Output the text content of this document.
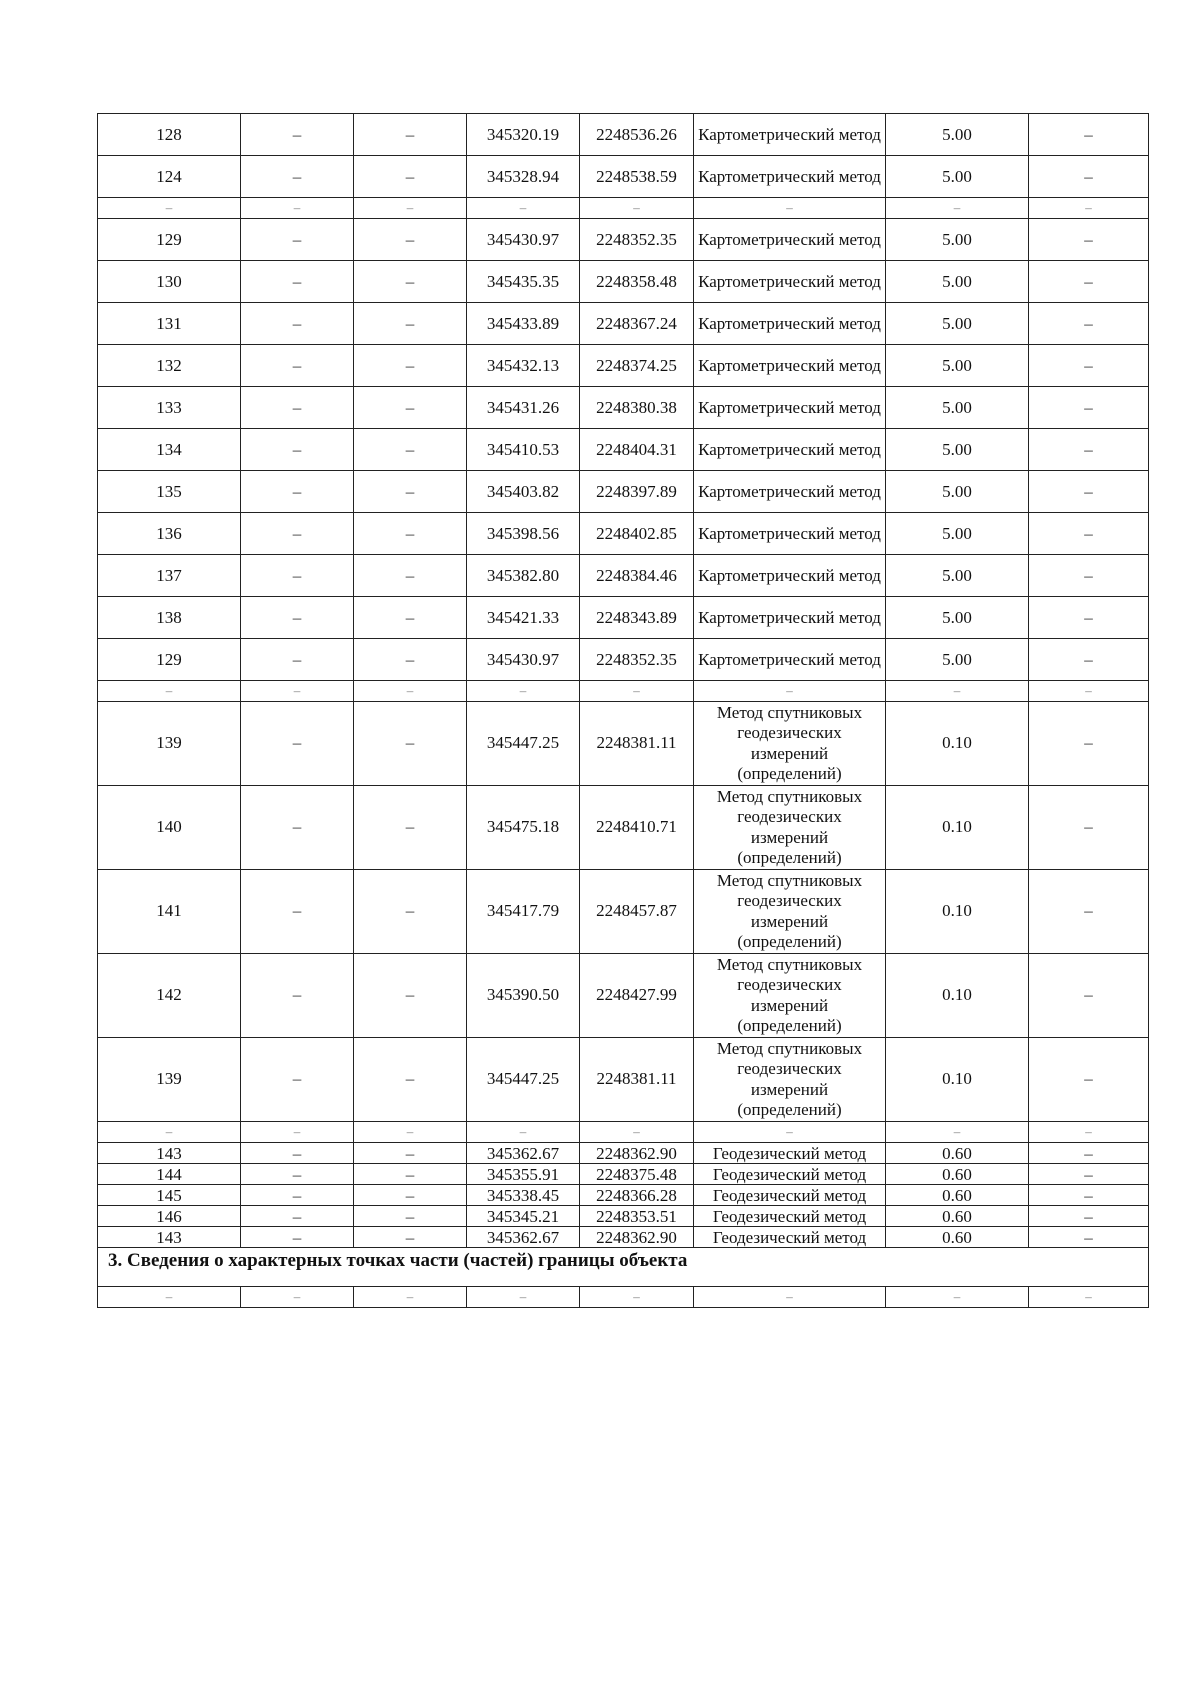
128	–	–	345320.19	2248536.26	Картометрический метод	5.00	–
124	–	–	345328.94	2248538.59	Картометрический метод	5.00	–
–	–	–	–	–	–	–	–
129	–	–	345430.97	2248352.35	Картометрический метод	5.00	–
130	–	–	345435.35	2248358.48	Картометрический метод	5.00	–
131	–	–	345433.89	2248367.24	Картометрический метод	5.00	–
132	–	–	345432.13	2248374.25	Картометрический метод	5.00	–
133	–	–	345431.26	2248380.38	Картометрический метод	5.00	–
134	–	–	345410.53	2248404.31	Картометрический метод	5.00	–
135	–	–	345403.82	2248397.89	Картометрический метод	5.00	–
136	–	–	345398.56	2248402.85	Картометрический метод	5.00	–
137	–	–	345382.80	2248384.46	Картометрический метод	5.00	–
138	–	–	345421.33	2248343.89	Картометрический метод	5.00	–
129	–	–	345430.97	2248352.35	Картометрический метод	5.00	–
–	–	–	–	–	–	–	–
139	–	–	345447.25	2248381.11	Метод спутниковых геодезических измерений (определений)	0.10	–
140	–	–	345475.18	2248410.71	Метод спутниковых геодезических измерений (определений)	0.10	–
141	–	–	345417.79	2248457.87	Метод спутниковых геодезических измерений (определений)	0.10	–
142	–	–	345390.50	2248427.99	Метод спутниковых геодезических измерений (определений)	0.10	–
139	–	–	345447.25	2248381.11	Метод спутниковых геодезических измерений (определений)	0.10	–
–	–	–	–	–	–	–	–
143	–	–	345362.67	2248362.90	Геодезический метод	0.60	–
144	–	–	345355.91	2248375.48	Геодезический метод	0.60	–
145	–	–	345338.45	2248366.28	Геодезический метод	0.60	–
146	–	–	345345.21	2248353.51	Геодезический метод	0.60	–
143	–	–	345362.67	2248362.90	Геодезический метод	0.60	–
3. Сведения о характерных точках части (частей) границы объекта							
–	–	–	–	–	–	–	–
